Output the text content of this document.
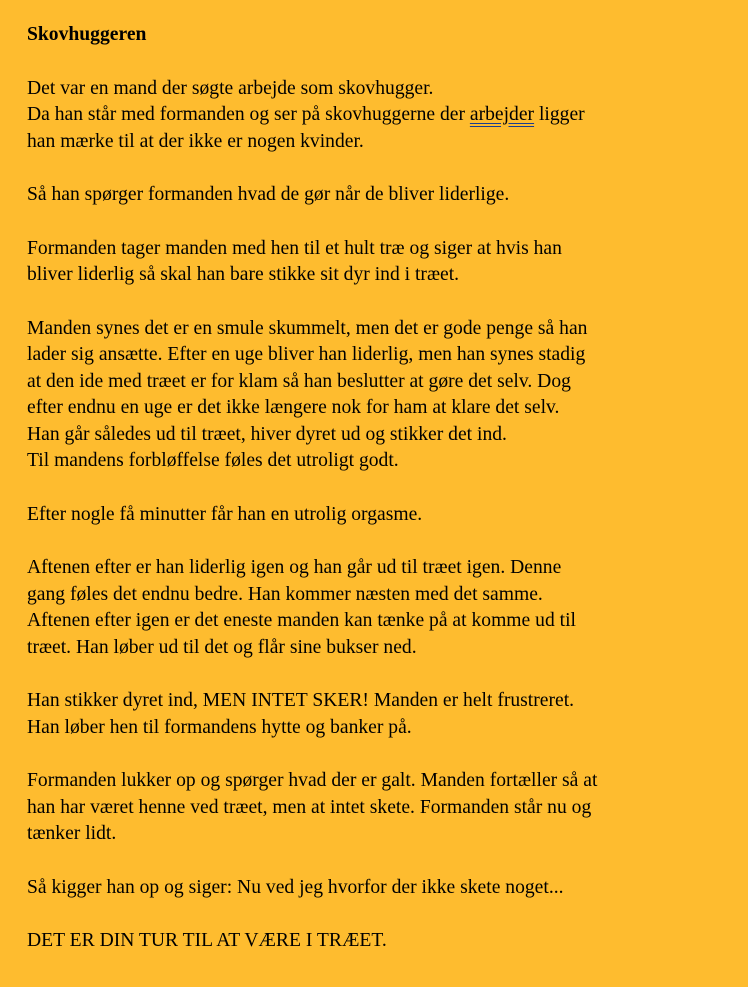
Skovhuggeren
Det var en mand der søgte arbejde som skovhugger.
Da han står med formanden og ser på skovhuggerne der arbejder ligger
han mærke til at der ikke er nogen kvinder.
Så han spørger formanden hvad de gør når de bliver liderlige.
Formanden tager manden med hen til et hult træ og siger at hvis han
bliver liderlig så skal han bare stikke sit dyr ind i træet.
Manden synes det er en smule skummelt, men det er gode penge så han
lader sig ansætte. Efter en uge bliver han liderlig, men han synes stadig
at den ide med træet er for klam så han beslutter at gøre det selv. Dog
efter endnu en uge er det ikke længere nok for ham at klare det selv.
Han går således ud til træet, hiver dyret ud og stikker det ind.
Til mandens forbløffelse føles det utroligt godt.
Efter nogle få minutter får han en utrolig orgasme.
Aftenen efter er han liderlig igen og han går ud til træet igen. Denne
gang føles det endnu bedre. Han kommer næsten med det samme.
Aftenen efter igen er det eneste manden kan tænke på at komme ud til
træet. Han løber ud til det og flår sine bukser ned.
Han stikker dyret ind, MEN INTET SKER! Manden er helt frustreret.
Han løber hen til formandens hytte og banker på.
Formanden lukker op og spørger hvad der er galt. Manden fortæller så at
han har været henne ved træet, men at intet skete. Formanden står nu og
tænker lidt.
Så kigger han op og siger: Nu ved jeg hvorfor der ikke skete noget...
DET ER DIN TUR TIL AT VÆRE I TRÆET.
